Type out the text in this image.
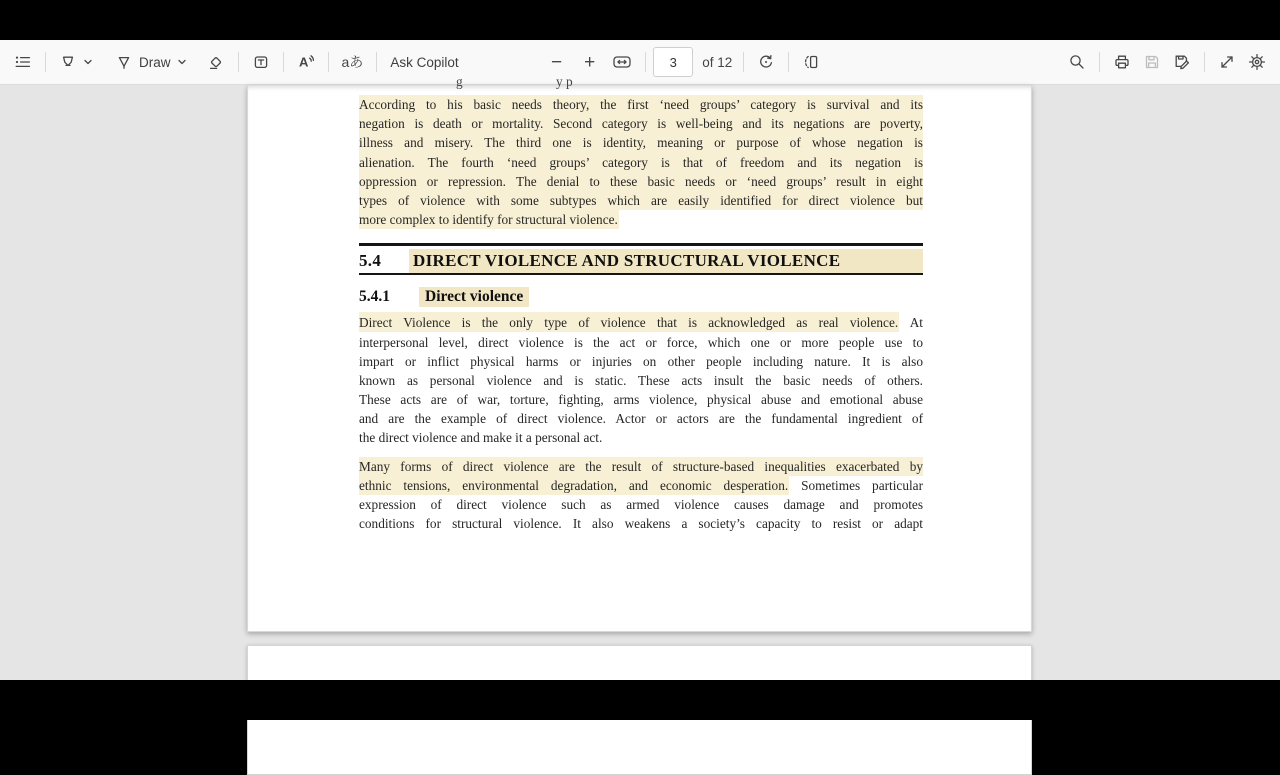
Draw	A aあ Ask Copilot	− +
3	of 12
g	y p
According to his basic needs theory, the first ‘need groups’ category is survival and its
negation is death or mortality. Second category is well-being and its negations are poverty,
illness and misery. The third one is identity, meaning or purpose of whose negation is
alienation. The fourth ‘need groups’ category is that of freedom and its negation is
oppression or repression. The denial to these basic needs or ‘need groups’ result in eight
types of violence with some subtypes which are easily identified for direct violence but
more complex to identify for structural violence.
5.4	DIRECT VIOLENCE AND STRUCTURAL VIOLENCE
5.4.1	Direct violence
Direct Violence is the only type of violence that is acknowledged as real violence. At
interpersonal level, direct violence is the act or force, which one or more people use to
impart or inflict physical harms or injuries on other people including nature. It is also
known as personal violence and is static. These acts insult the basic needs of others.
These acts are of war, torture, fighting, arms violence, physical abuse and emotional abuse
and are the example of direct violence. Actor or actors are the fundamental ingredient of
the direct violence and make it a personal act.
Many forms of direct violence are the result of structure-based inequalities exacerbated by
ethnic tensions, environmental degradation, and economic desperation. Sometimes particular
expression of direct violence such as armed violence causes damage and promotes
conditions for structural violence. It also weakens a society’s capacity to resist or adapt
